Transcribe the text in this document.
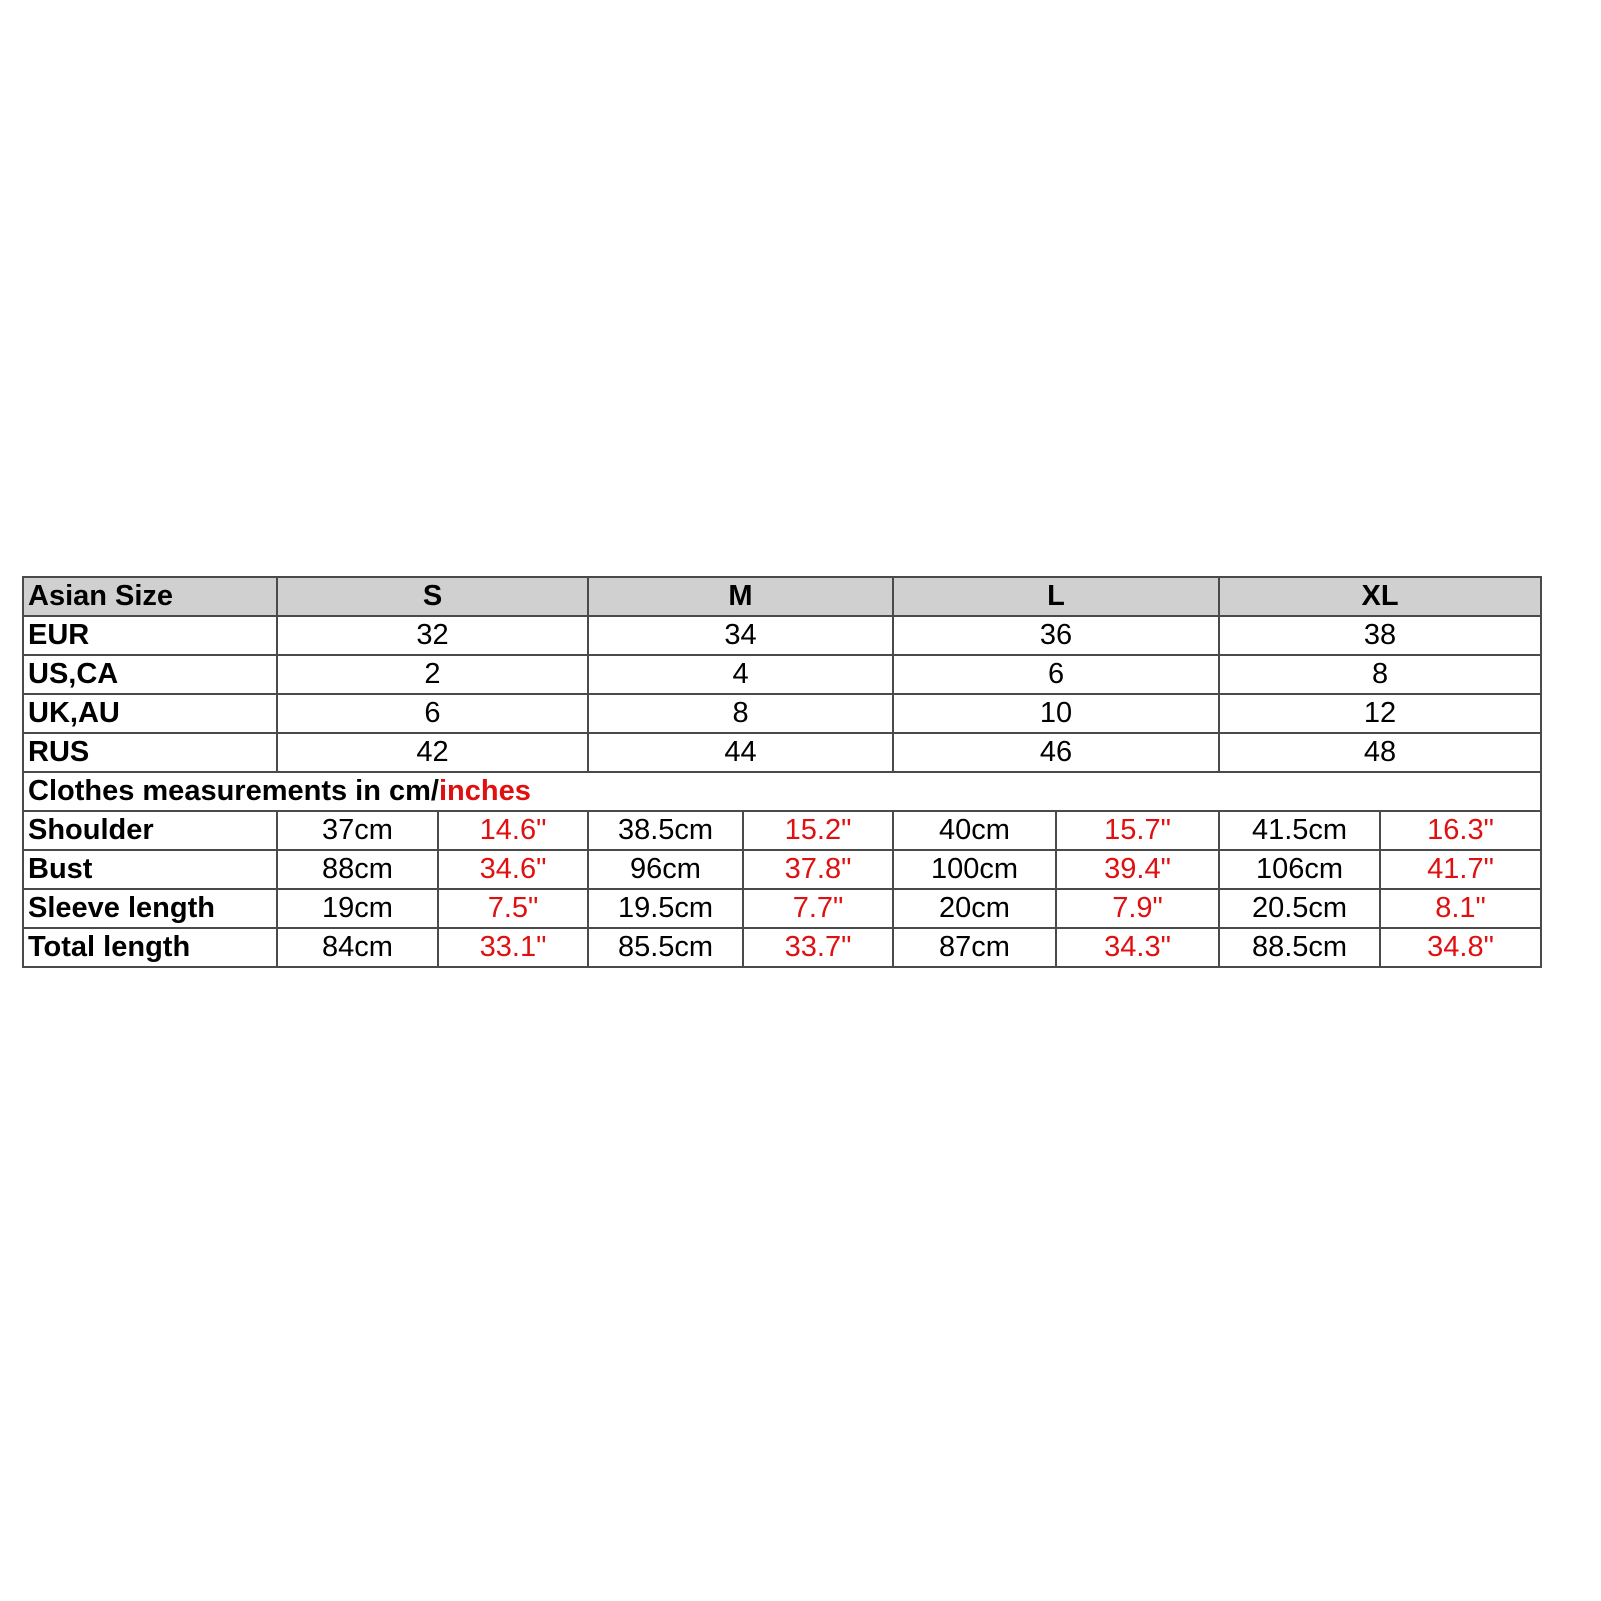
Asian Size	S		M		L		XL	
EUR	32		34		36		38	
US,CA	2		4		6		8	
UK,AU	6		8		10		12	
RUS	42		44		46		48	
Clothes measurements in cm/inches								
Shoulder	37cm	14.6"	38.5cm	15.2"	40cm	15.7"	41.5cm	16.3"
Bust	88cm	34.6"	96cm	37.8"	100cm	39.4"	106cm	41.7"
Sleeve length	19cm	7.5"	19.5cm	7.7"	20cm	7.9"	20.5cm	8.1"
Total length	84cm	33.1"	85.5cm	33.7"	87cm	34.3"	88.5cm	34.8"
